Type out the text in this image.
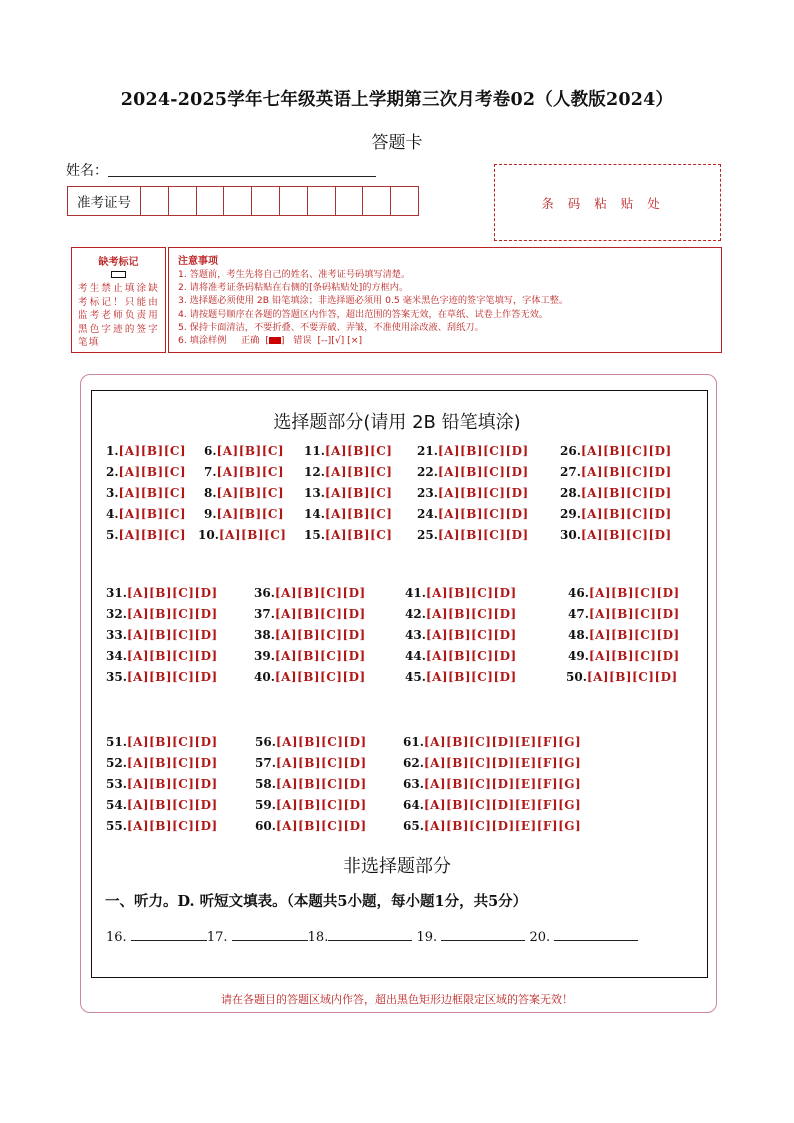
2024-2025学年七年级英语上学期第三次月考卷02（人教版2024）
答题卡
姓名：
准考证号	条码粘贴处
缺考标记
考生禁止填涂缺考标记！只能由监考老师负责用黑色字迹的签字笔填
注意事项
1. 答题前，考生先将自己的姓名、准考证号码填写清楚。
2. 请将准考证条码粘贴在右侧的[条码粘贴处]的方框内。
3. 选择题必须使用 2B 铅笔填涂；非选择题必须用 0.5 毫米黑色字迹的签字笔填写，字体工整。
4. 请按题号顺序在各题的答题区内作答，超出范围的答案无效，在草纸、试卷上作答无效。
5. 保持卡面清洁，不要折叠、不要弄破、弄皱，不准使用涂改液、刮纸刀。
6. 填涂样例 正确  [ ]   错误 [--][√] [×]
选择题部分(请用 2B 铅笔填涂)
1.[A][B][C]
2.[A][B][C]
3.[A][B][C]
4.[A][B][C]
5.[A][B][C]
6.[A][B][C]
7.[A][B][C]
8.[A][B][C]
9.[A][B][C]
10.[A][B][C]
11.[A][B][C]
12.[A][B][C]
13.[A][B][C]
14.[A][B][C]
15.[A][B][C]
21.[A][B][C][D]
22.[A][B][C][D]
23.[A][B][C][D]
24.[A][B][C][D]
25.[A][B][C][D]
26.[A][B][C][D]
27.[A][B][C][D]
28.[A][B][C][D]
29.[A][B][C][D]
30.[A][B][C][D]
31.[A][B][C][D]
32.[A][B][C][D]
33.[A][B][C][D]
34.[A][B][C][D]
35.[A][B][C][D]
36.[A][B][C][D]
37.[A][B][C][D]
38.[A][B][C][D]
39.[A][B][C][D]
40.[A][B][C][D]
41.[A][B][C][D]
42.[A][B][C][D]
43.[A][B][C][D]
44.[A][B][C][D]
45.[A][B][C][D]
46.[A][B][C][D]
47.[A][B][C][D]
48.[A][B][C][D]
49.[A][B][C][D]
50.[A][B][C][D]
51.[A][B][C][D]
52.[A][B][C][D]
53.[A][B][C][D]
54.[A][B][C][D]
55.[A][B][C][D]
56.[A][B][C][D]
57.[A][B][C][D]
58.[A][B][C][D]
59.[A][B][C][D]
60.[A][B][C][D]
61.[A][B][C][D][E][F][G]
62.[A][B][C][D][E][F][G]
63.[A][B][C][D][E][F][G]
64.[A][B][C][D][E][F][G]
65.[A][B][C][D][E][F][G]
非选择题部分
一、听力。D. 听短文填表。（本题共5小题，每小题1分，共5分）
16.	17.	18.	19.	20.
请在各题目的答题区域内作答，超出黑色矩形边框限定区域的答案无效！
